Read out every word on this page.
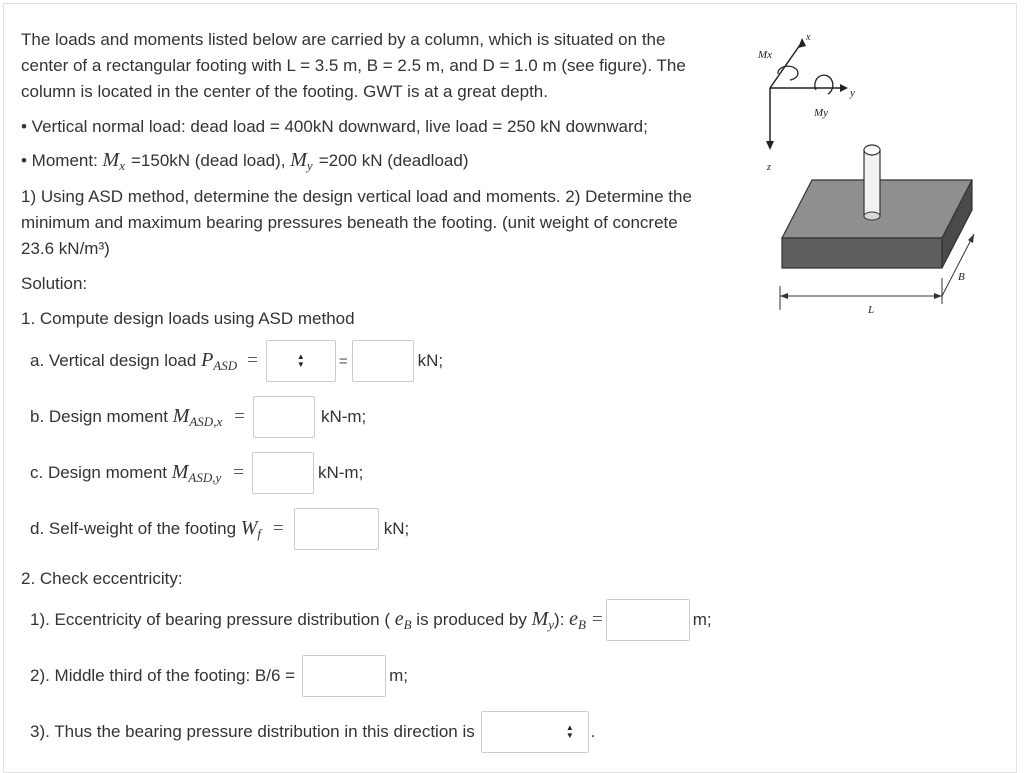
The loads and moments listed below are carried by a column, which is situated on the
center of a rectangular footing with L = 3.5 m, B = 2.5 m, and D = 1.0 m (see figure). The
column is located in the center of the footing. GWT is at a great depth.
• Vertical normal load: dead load = 400kN downward, live load = 250 kN downward;
• Moment: $M_x =150kN$ (dead load), $M_y =200$ kN (deadload)
1) Using ASD method, determine the design vertical load and moments. 2) Determine the
minimum and maximum bearing pressures beneath the footing. (unit weight of concrete
23.6 kN/m³)
Solution:
1. Compute design loads using ASD method
a. Vertical design load $P_{ASD}$ =	▲
▼ =	kN;
b. Design moment $M_{ASD,x}$ =	kN-m;
c. Design moment $M_{ASD,y}$ =	kN-m;
d. Self-weight of the footing $W_f$ =	kN;
2. Check eccentricity:
1). Eccentricity of bearing pressure distribution ( $e_B$ is produced by $M_y$ ): $e_B$ =	m;
2). Middle third of the footing: B/6 =	m;
3). Thus the bearing pressure distribution in this direction is	▲
▼ .
Mx
x
y
My
z
L
B
